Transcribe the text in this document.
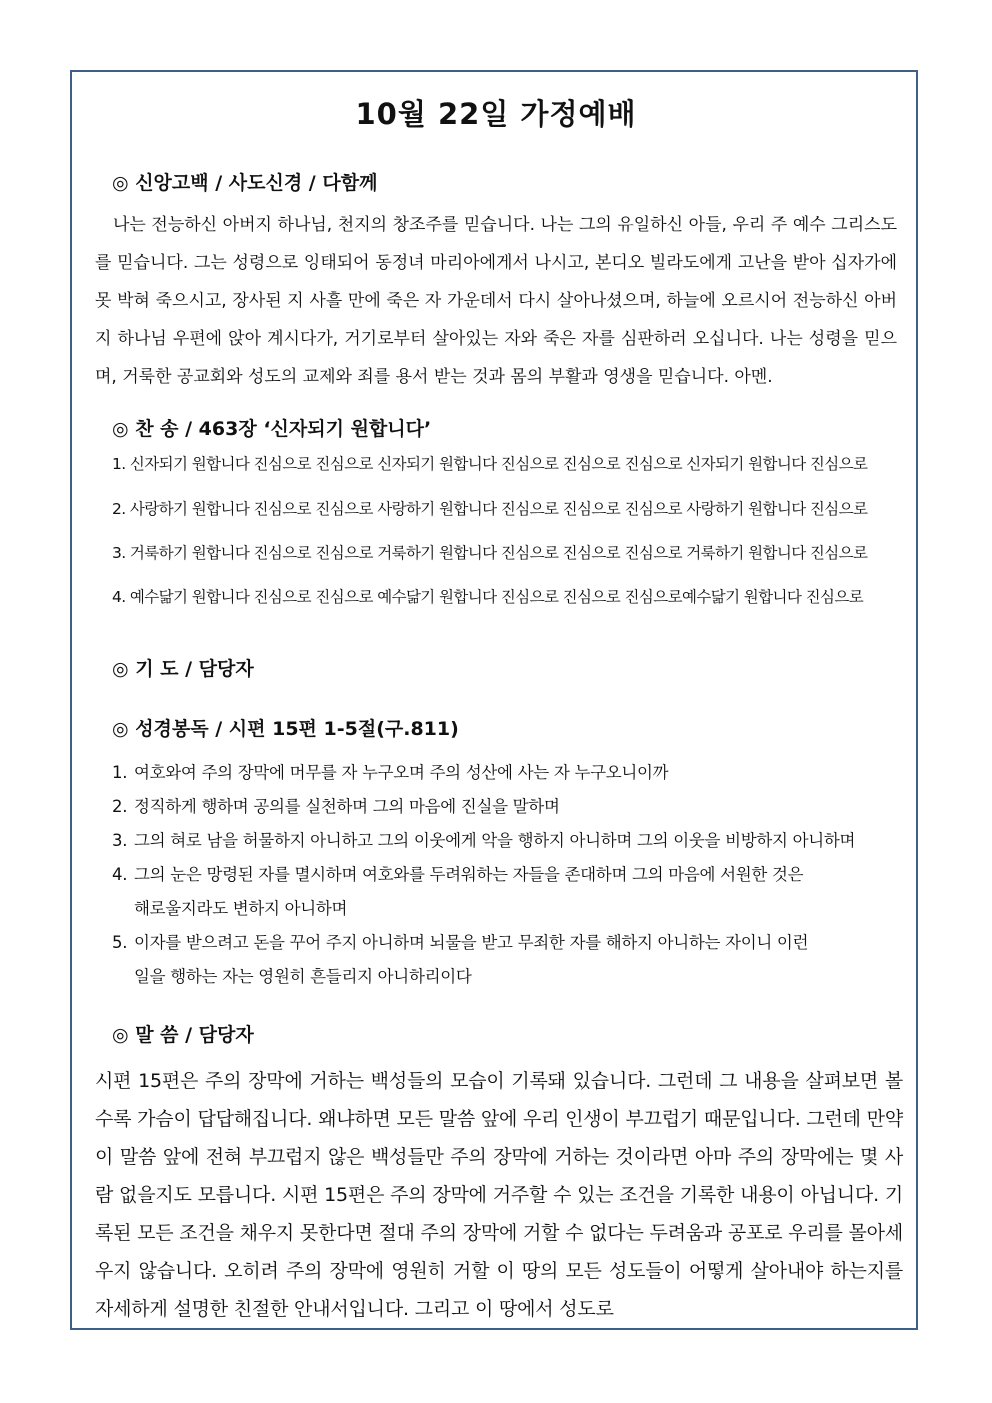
10월 22일 가정예배
◎ 신앙고백 / 사도신경 / 다함께

나는 전능하신 아버지 하나님, 천지의 창조주를 믿습니다. 나는 그의 유일하신 아들, 우리 주 예수 그리스도를 믿습니다. 그는 성령으로 잉태되어 동정녀 마리아에게서 나시고, 본디오 빌라도에게 고난을 받아 십자가에 못 박혀 죽으시고, 장사된 지 사흘 만에 죽은 자 가운데서 다시 살아나셨으며, 하늘에 오르시어 전능하신 아버지 하나님 우편에 앉아 계시다가, 거기로부터 살아있는 자와 죽은 자를 심판하러 오십니다. 나는 성령을 믿으며, 거룩한 공교회와 성도의 교제와 죄를 용서 받는 것과 몸의 부활과 영생을 믿습니다. 아멘.

◎ 찬 송 / 463장 ‘신자되기 원합니다’
1. 신자되기 원합니다 진심으로 진심으로 신자되기 원합니다 진심으로 진심으로 진심으로 신자되기 원합니다 진심으로
2. 사랑하기 원합니다 진심으로 진심으로 사랑하기 원합니다 진심으로 진심으로 진심으로 사랑하기 원합니다 진심으로
3. 거룩하기 원합니다 진심으로 진심으로 거룩하기 원합니다 진심으로 진심으로 진심으로 거룩하기 원합니다 진심으로
4. 예수닮기 원합니다 진심으로 진심으로 예수닮기 원합니다 진심으로 진심으로 진심으로예수닮기 원합니다 진심으로
◎ 기 도 / 담당자
◎ 성경봉독 / 시편 15편 1-5절(구.811)
1. 여호와여 주의 장막에 머무를 자 누구오며 주의 성산에 사는 자 누구오니이까
2. 정직하게 행하며 공의를 실천하며 그의 마음에 진실을 말하며
3. 그의 혀로 남을 허물하지 아니하고 그의 이웃에게 악을 행하지 아니하며 그의 이웃을 비방하지 아니하며
4. 그의 눈은 망령된 자를 멸시하며 여호와를 두려워하는 자들을 존대하며 그의 마음에 서원한 것은
해로울지라도 변하지 아니하며
5. 이자를 받으려고 돈을 꾸어 주지 아니하며 뇌물을 받고 무죄한 자를 해하지 아니하는 자이니 이런
일을 행하는 자는 영원히 흔들리지 아니하리이다
◎ 말 씀 / 담당자

시편 15편은 주의 장막에 거하는 백성들의 모습이 기록돼 있습니다. 그런데 그 내용을 살펴보면 볼수록 가슴이 답답해집니다. 왜냐하면 모든 말씀 앞에 우리 인생이 부끄럽기 때문입니다. 그런데 만약 이 말씀 앞에 전혀 부끄럽지 않은 백성들만 주의 장막에 거하는 것이라면 아마 주의 장막에는 몇 사람 없을지도 모릅니다. 시편 15편은 주의 장막에 거주할 수 있는 조건을 기록한 내용이 아닙니다. 기록된 모든 조건을 채우지 못한다면 절대 주의 장막에 거할 수 없다는 두려움과 공포로 우리를 몰아세우지 않습니다. 오히려 주의 장막에 영원히 거할 이 땅의 모든 성도들이 어떻게 살아내야 하는지를 자세하게 설명한 친절한 안내서입니다. 그리고 이 땅에서 성도로
